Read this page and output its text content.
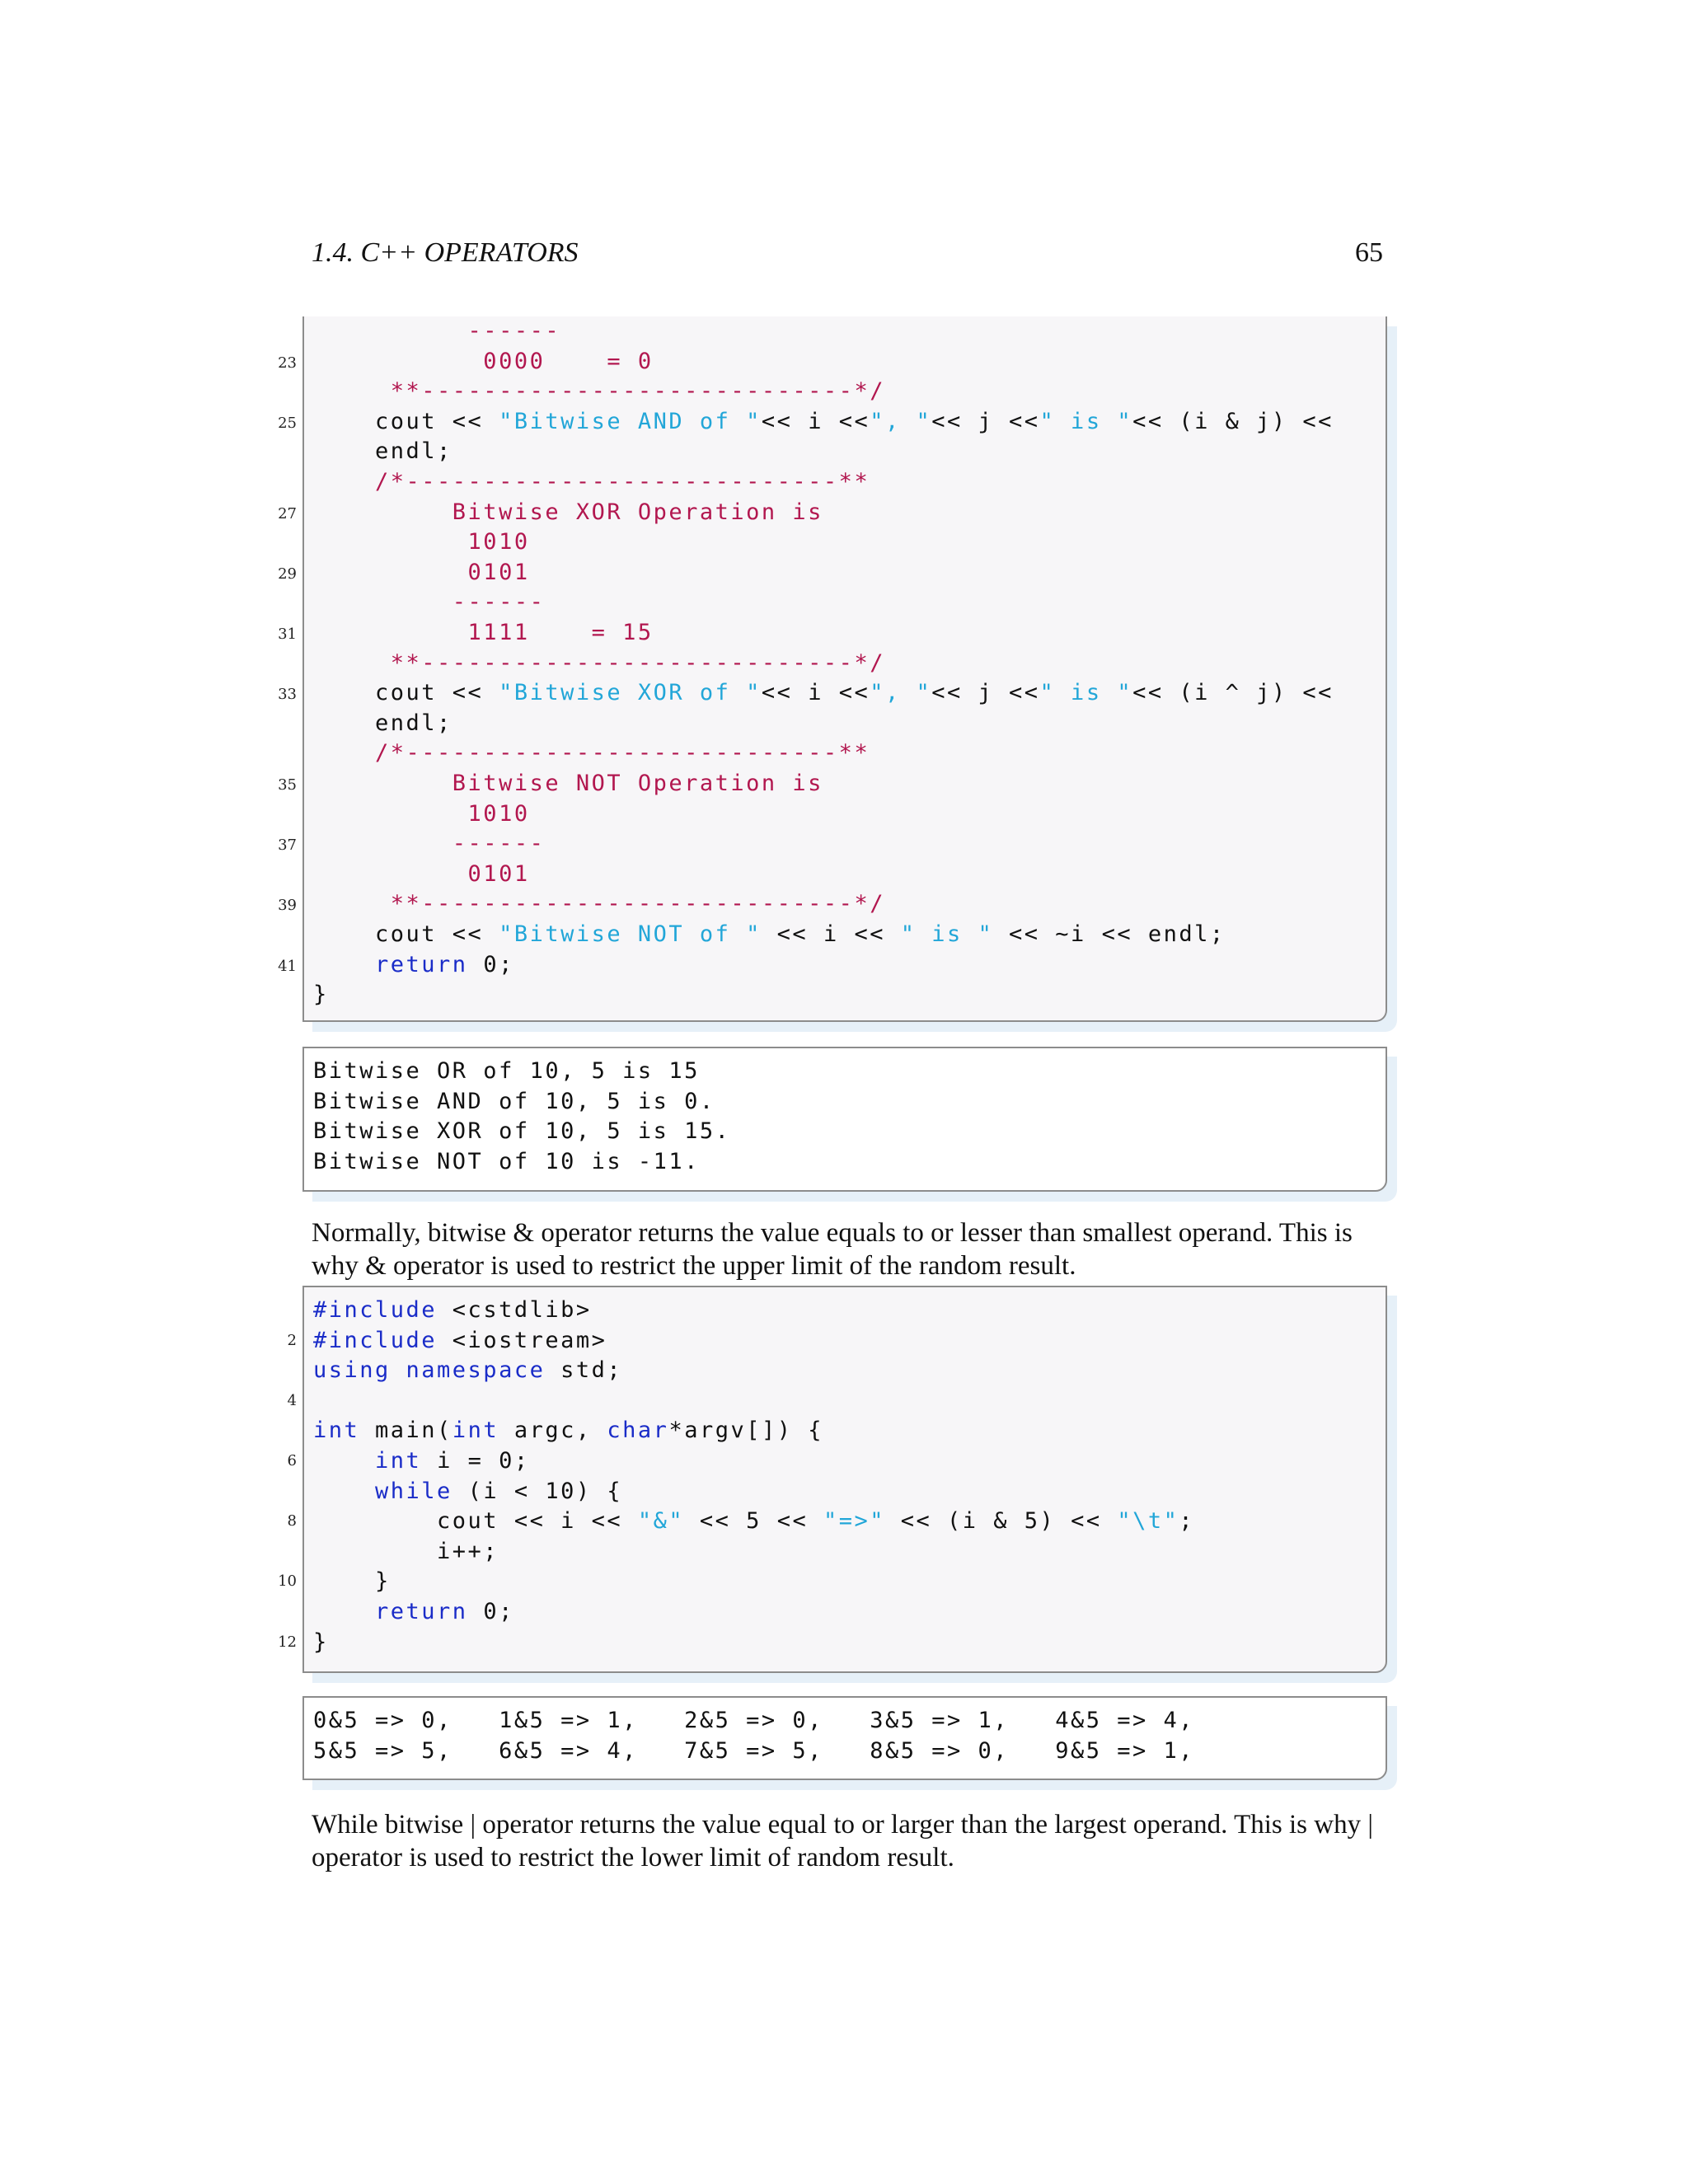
1.4. C++ OPERATORS	65
------
0000    = 0
**----------------------------*/
cout << "Bitwise AND of "<< i <<", "<< j <<" is "<< (i & j) <<
endl;
/*----------------------------**
Bitwise XOR Operation is
1010
0101
------
1111    = 15
**----------------------------*/
cout << "Bitwise XOR of "<< i <<", "<< j <<" is "<< (i ^ j) <<
endl;
/*----------------------------**
Bitwise NOT Operation is
1010
------
0101
**----------------------------*/
cout << "Bitwise NOT of " << i << " is " << ~i << endl;
return 0;
}
Bitwise OR of 10, 5 is 15
Bitwise AND of 10, 5 is 0.
Bitwise XOR of 10, 5 is 15.
Bitwise NOT of 10 is -11.
Normally, bitwise & operator returns the value equals to or lesser than smallest operand. This is why & operator is used to restrict the upper limit of the random result.
#include <cstdlib>
#include <iostream>
using namespace std;
int main(int argc, char*argv[]) {
int i = 0;
while (i < 10) {
cout << i << "&" << 5 << "=>" << (i & 5) << "\t";
i++;
}
return 0;
}
0&5 => 0,   1&5 => 1,   2&5 => 0,   3&5 => 1,   4&5 => 4,
5&5 => 5,   6&5 => 4,   7&5 => 5,   8&5 => 0,   9&5 => 1,
While bitwise | operator returns the value equal to or larger than the largest operand. This is why | operator is used to restrict the lower limit of random result.
23
25
27
29
31
33
35
37
39
41
2
4
6
8
10
12
